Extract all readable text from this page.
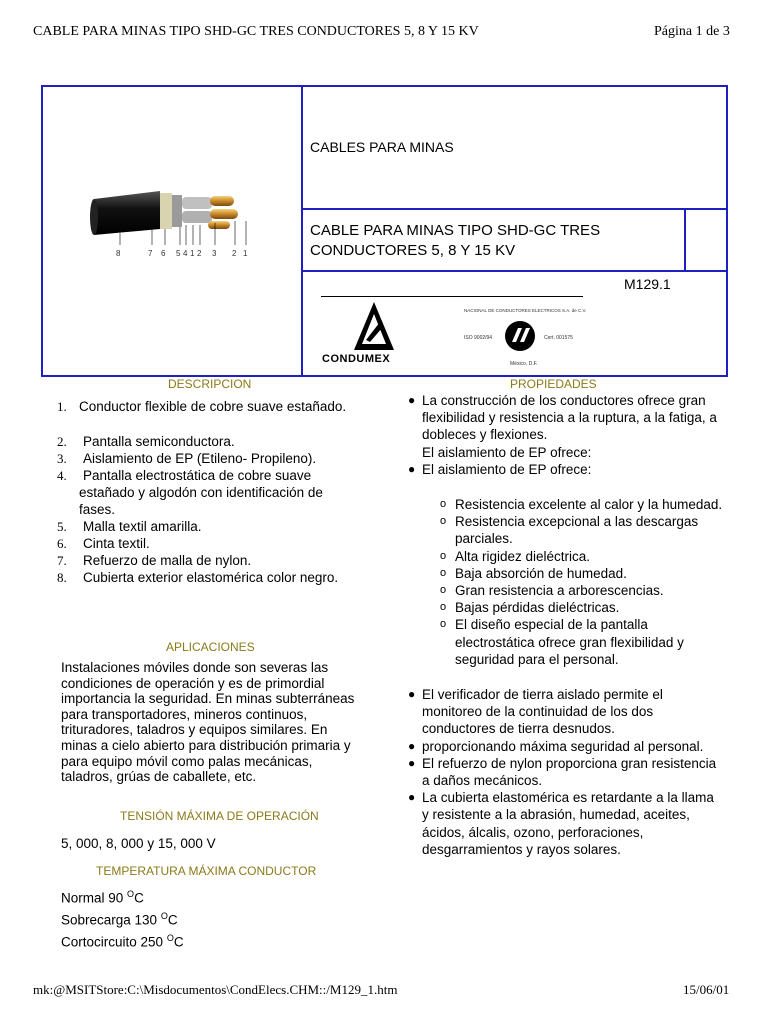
CABLE PARA MINAS TIPO SHD-GC TRES CONDUCTORES 5, 8 Y 15 KV	Página 1 de 3
8	7 6 5 4 1 2 3 2 1
CABLES PARA MINAS
CABLE PARA MINAS TIPO SHD-GC TRES CONDUCTORES 5, 8 Y 15 KV
M129.1
CONDUMEX
NACIONAL DE CONDUCTORES ELECTRICOS S.A. de C.V.
ISO 9002/94	Cert. 001575
México, D.F.
DESCRIPCION
1. Conductor flexible de cobre suave estañado.
2. Pantalla semiconductora.
3. Aislamiento de EP (Etileno- Propileno).
4. Pantalla electrostática de cobre suave estañado y algodón con identificación de fases.
5. Malla textil amarilla.
6. Cinta textil.
7. Refuerzo de malla de nylon.
8. Cubierta exterior elastomérica color negro.
APLICACIONES
Instalaciones móviles donde son severas las condiciones de operación y es de primordial importancia la seguridad. En minas subterráneas para transportadores, mineros continuos, trituradores, taladros y equipos similares. En minas a cielo abierto para distribución primaria y para equipo móvil como palas mecánicas, taladros, grúas de caballete, etc.
TENSIÓN MÁXIMA DE OPERACIÓN
5, 000, 8, 000 y 15, 000 V
TEMPERATURA MÁXIMA CONDUCTOR
Normal 90 $^O$C
Sobrecarga 130 $^O$C
Cortocircuito 250 $^O$C
PROPIEDADES
● La construcción de los conductores ofrece gran flexibilidad y resistencia a la ruptura, a la fatiga, a dobleces y flexiones.
El aislamiento de EP ofrece:
● El aislamiento de EP ofrece:
o Resistencia excelente al calor y la humedad.
o Resistencia excepcional a las descargas parciales.
o Alta rigidez dieléctrica.
o Baja absorción de humedad.
o Gran resistencia a arborescencias.
o Bajas pérdidas dieléctricas.
o El diseño especial de la pantalla electrostática ofrece gran flexibilidad y seguridad para el personal.
● El verificador de tierra aislado permite el monitoreo de la continuidad de los dos conductores de tierra desnudos.
● proporcionando máxima seguridad al personal.
● El refuerzo de nylon proporciona gran resistencia a daños mecánicos.
● La cubierta elastomérica es retardante a la llama y resistente a la abrasión, humedad, aceites, ácidos, álcalis, ozono, perforaciones, desgarramientos y rayos solares.
mk:@MSITStore:C:\Misdocumentos\CondElecs.CHM::/M129_1.htm	15/06/01
